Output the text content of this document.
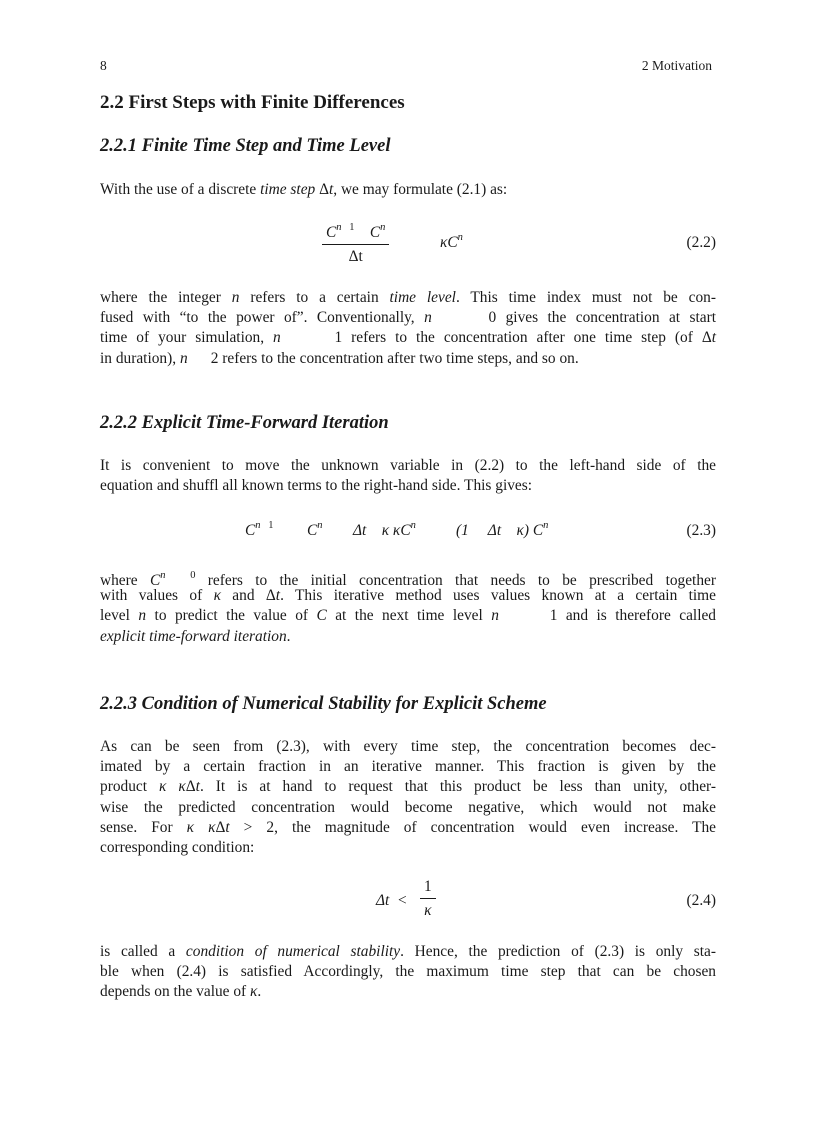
8	2 Motivation
2.2 First Steps with Finite Differences
2.2.1 Finite Time Step and Time Level

With the use of a discrete time step Δt, we may formulate (2.1) as:

$C^n$ $^1$ $C^n$
Δt
$\kappa C^n$	(2.2)

where the integer n refers to a certain time level. This time index must not be con-
fused with “to the power of”. Conventionally, n      0 gives the concentration at start
time of your simulation, n      1 refers to the concentration after one time step (of Δt
in duration), n      2 refers to the concentration after two time steps, and so on.

2.2.2 Explicit Time-Forward Iteration

It is convenient to move the unknown variable in (2.2) to the left-hand side of the
equation and shuffl all known terms to the right-hand side. This gives:

$C^n$ $^1$ $C^n$ Δt    κ $\kappa C^n$	(1     Δt    κ) $C^n$	(2.3)

where $C^n$ $^0$ refers to the initial concentration that needs to be prescribed together
with values of κ and Δt. This iterative method uses values known at a certain time
level n to predict the value of C at the next time level n      1 and is therefore called
explicit time-forward iteration.

2.2.3 Condition of Numerical Stability for Explicit Scheme

As can be seen from (2.3), with every time step, the concentration becomes dec-
imated by a certain fraction in an iterative manner. This fraction is given by the
product κ κΔt. It is at hand to request that this product be less than unity, other-
wise the predicted concentration would become negative, which would not make
sense. For κ κΔt > 2, the magnitude of concentration would even increase. The
corresponding condition:

Δt  <
1
κ
(2.4)

is called a condition of numerical stability. Hence, the prediction of (2.3) is only sta-
ble when (2.4) is satisfied Accordingly, the maximum time step that can be chosen
depends on the value of κ.
